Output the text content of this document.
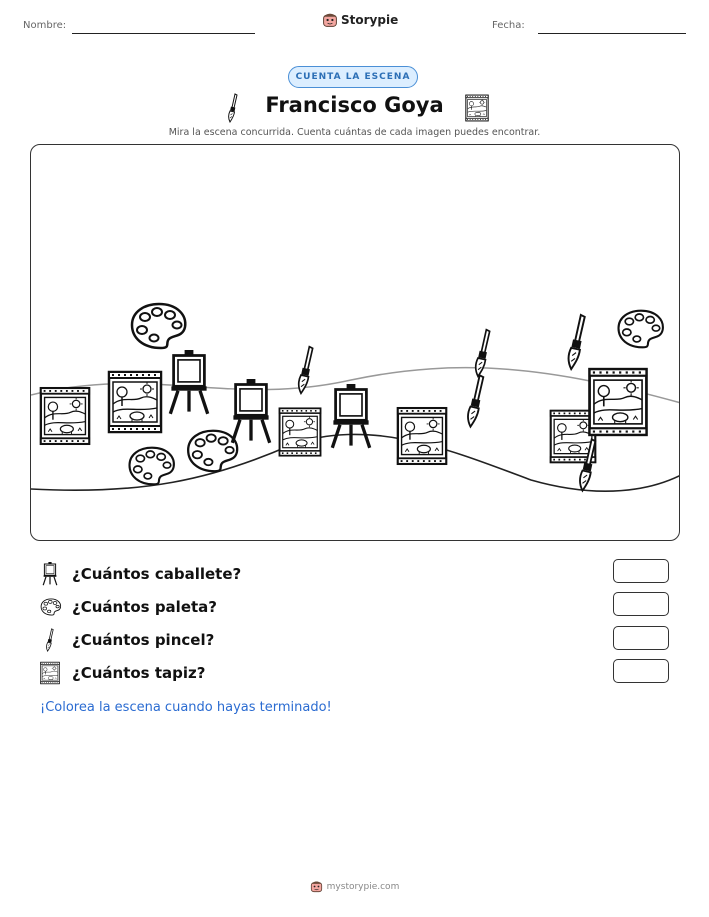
Nombre:	Storypie	Fecha:
CUENTA LA ESCENA
Francisco Goya
Mira la escena concurrida. Cuenta cuántas de cada imagen puedes encontrar.
¿Cuántos caballete?
¿Cuántos paleta?
¿Cuántos pincel?
¿Cuántos tapiz?
¡Colorea la escena cuando hayas terminado!
mystorypie.com
